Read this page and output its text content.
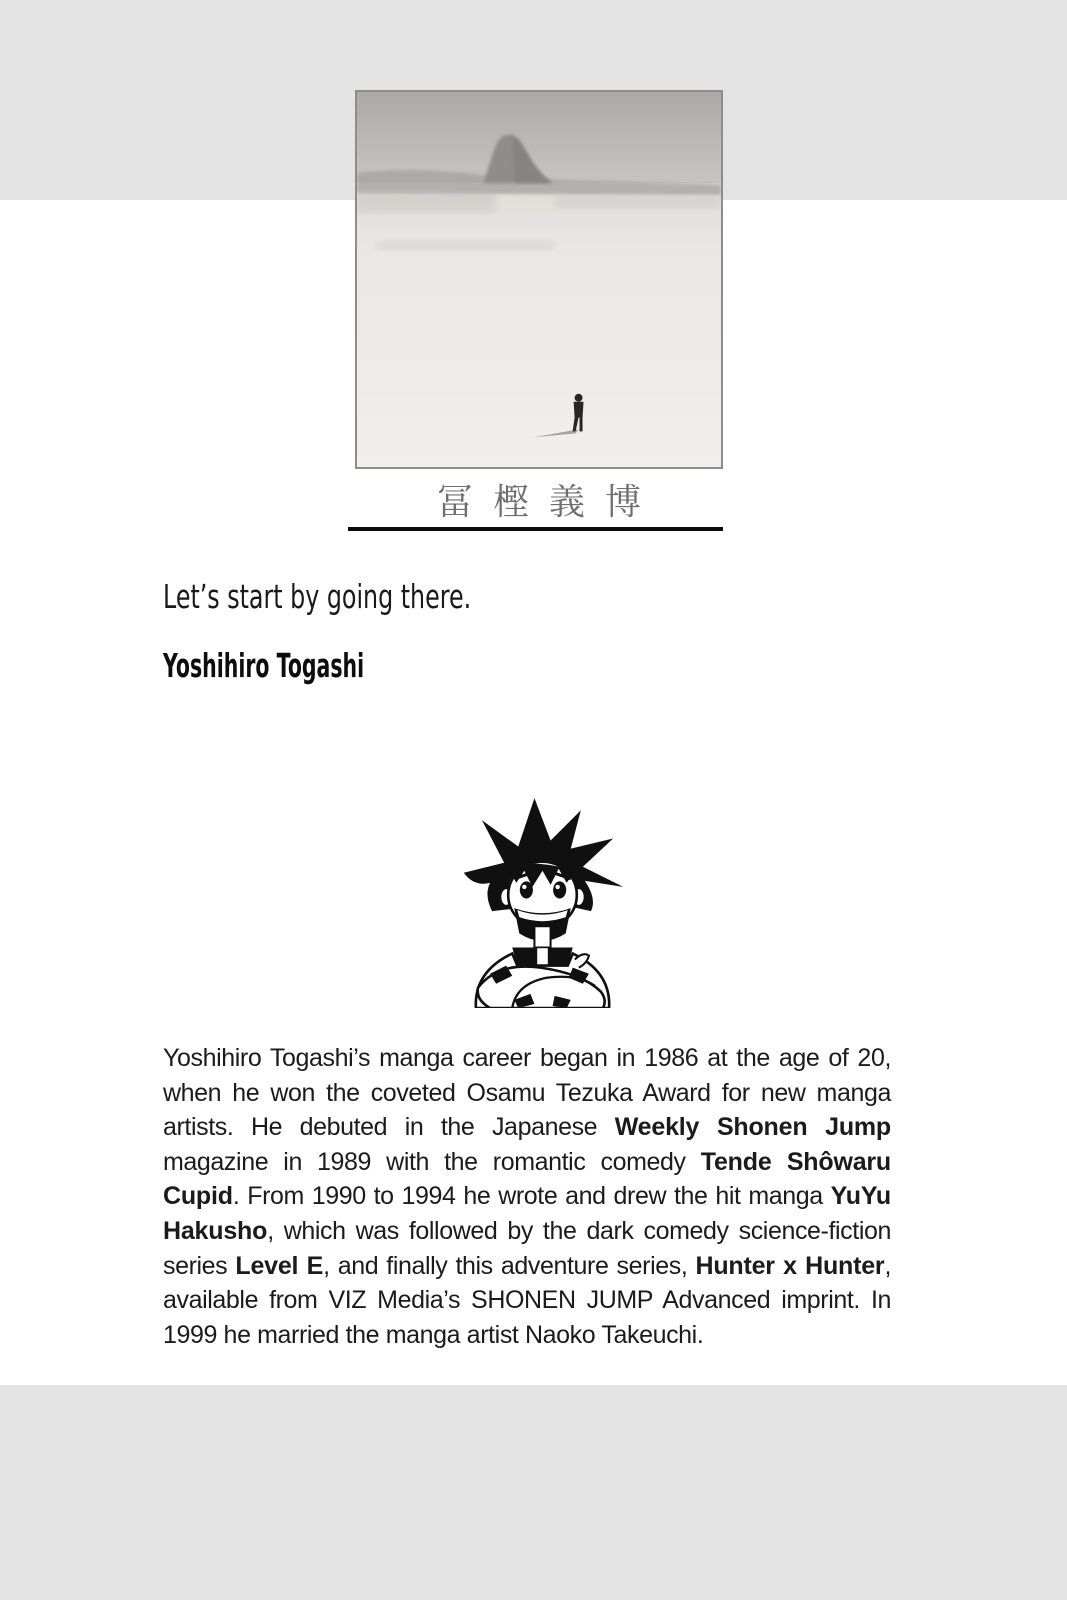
冨樫義博
Let’s start by going there.
Yoshihiro Togashi

Yoshihiro Togashi’s manga career began in 1986 at the age of 20, when he won the coveted Osamu Tezuka Award for new manga artists. He debuted in the Japanese Weekly Shonen Jump magazine in 1989 with the romantic comedy Tende Shôwaru Cupid. From 1990 to 1994 he wrote and drew the hit manga YuYu Hakusho, which was followed by the dark comedy science-fiction series Level E, and finally this adventure series, Hunter x Hunter, available from VIZ Media’s SHONEN JUMP Advanced imprint. In 1999 he married the manga artist Naoko Takeuchi.
